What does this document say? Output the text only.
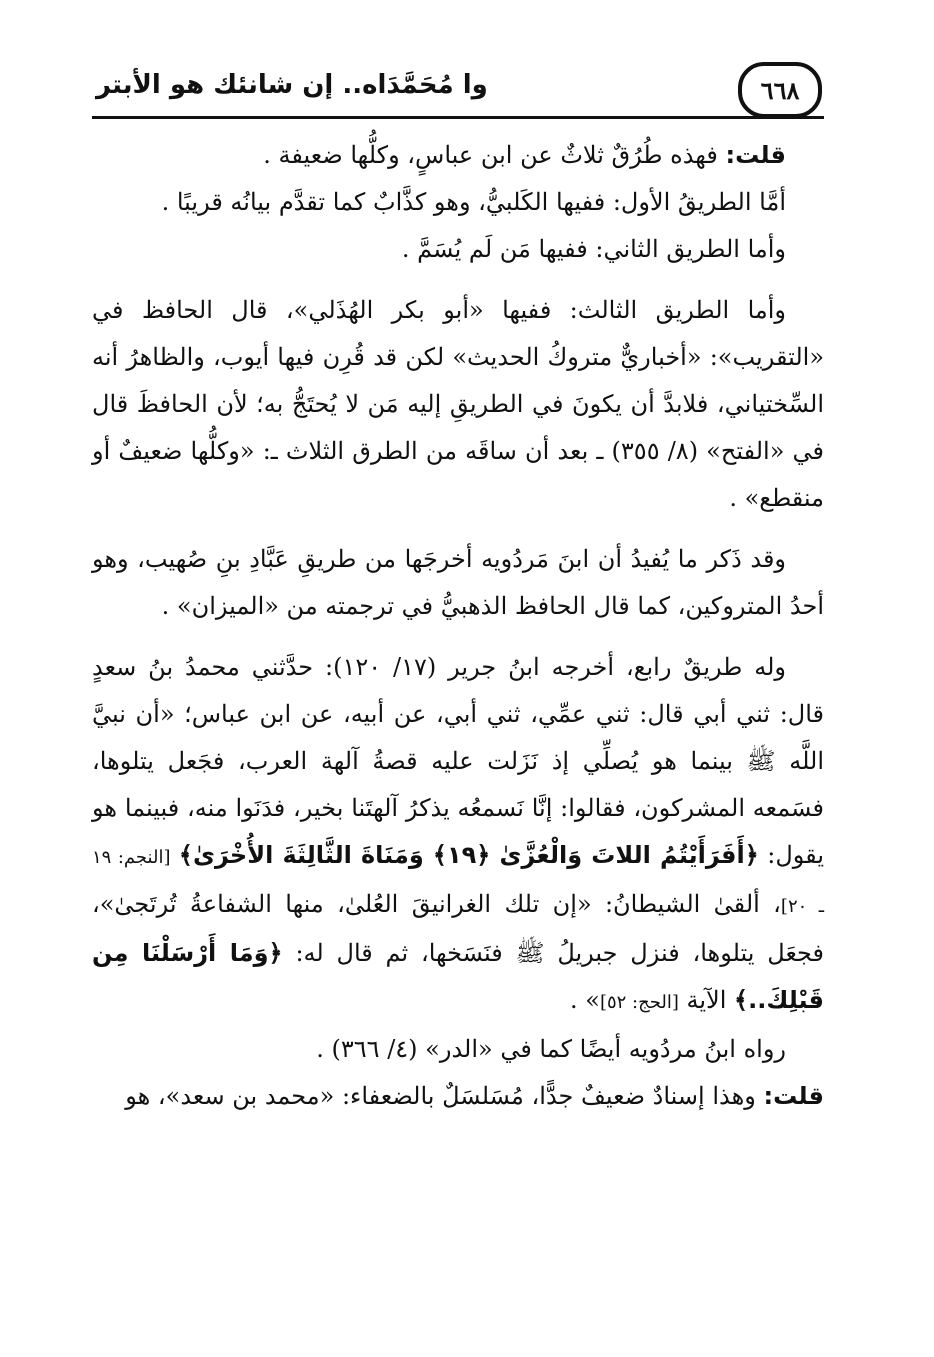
٦٦٨
وا مُحَمَّدَاه.. إن شانئك هو الأبتر

قلت: فهذه طُرُقٌ ثلاثٌ عن ابن عباسٍ، وكلُّها ضعيفة .

أمَّا الطريقُ الأول: ففيها الكَلبيُّ، وهو كذَّابٌ كما تقدَّم بيانُه قريبًا .

وأما الطريق الثاني: ففيها مَن لَم يُسَمَّ .

وأما الطريق الثالث: ففيها «أبو بكر الهُذَلي»، قال الحافظ في «التقريب»: «أخباريٌّ متروكُ الحديث» لكن قد قُرِن فيها أيوب، والظاهرُ أنه السِّختياني، فلابدَّ أن يكونَ في الطريقِ إليه مَن لا يُحتَجُّ به؛ لأن الحافظَ قال في «الفتح» (٨/ ٣٥٥) ـ بعد أن ساقَه من الطرق الثلاث ـ: «وكلُّها ضعيفٌ أو منقطع» .

وقد ذَكر ما يُفيدُ أن ابنَ مَردُويه أخرجَها من طريقِ عَبَّادِ بنِ صُهيب، وهو أحدُ المتروكين، كما قال الحافظ الذهبيُّ في ترجمته من «الميزان» .

وله طريقٌ رابع، أخرجه ابنُ جرير (١٧/ ١٢٠): حدَّثني محمدُ بنُ سعدٍ قال: ثني أبي قال: ثني عمِّي، ثني أبي، عن أبيه، عن ابن عباس؛ «أن نبيَّ اللَّه ﷺ بينما هو يُصلِّي إذ نَزَلت عليه قصةُ آلهة العرب، فجَعل يتلوها، فسَمعه المشركون، فقالوا: إنَّا نَسمعُه يذكرُ آلهتَنا بخير، فدَنَوا منه، فبينما هو يقول: ﴿أَفَرَأَيْتُمُ اللاتَ وَالْعُزَّىٰ ﴿١٩﴾ وَمَنَاةَ الثَّالِثَةَ الأُخْرَىٰ﴾ [النجم: ١٩ ـ ٢٠]، ألقىٰ الشيطانُ: «إن تلك الغرانيقَ العُلىٰ، منها الشفاعةُ تُرتَجىٰ»، فجعَل يتلوها، فنزل جبريلُ ﷺ فنَسَخها، ثم قال له: ﴿وَمَا أَرْسَلْنَا مِن قَبْلِكَ..﴾ الآية [الحج: ٥٢]» .

رواه ابنُ مردُويه أيضًا كما في «الدر» (٤/ ٣٦٦) .

قلت: وهذا إسنادٌ ضعيفٌ جدًّا، مُسَلسَلٌ بالضعفاء: «محمد بن سعد»، هو
